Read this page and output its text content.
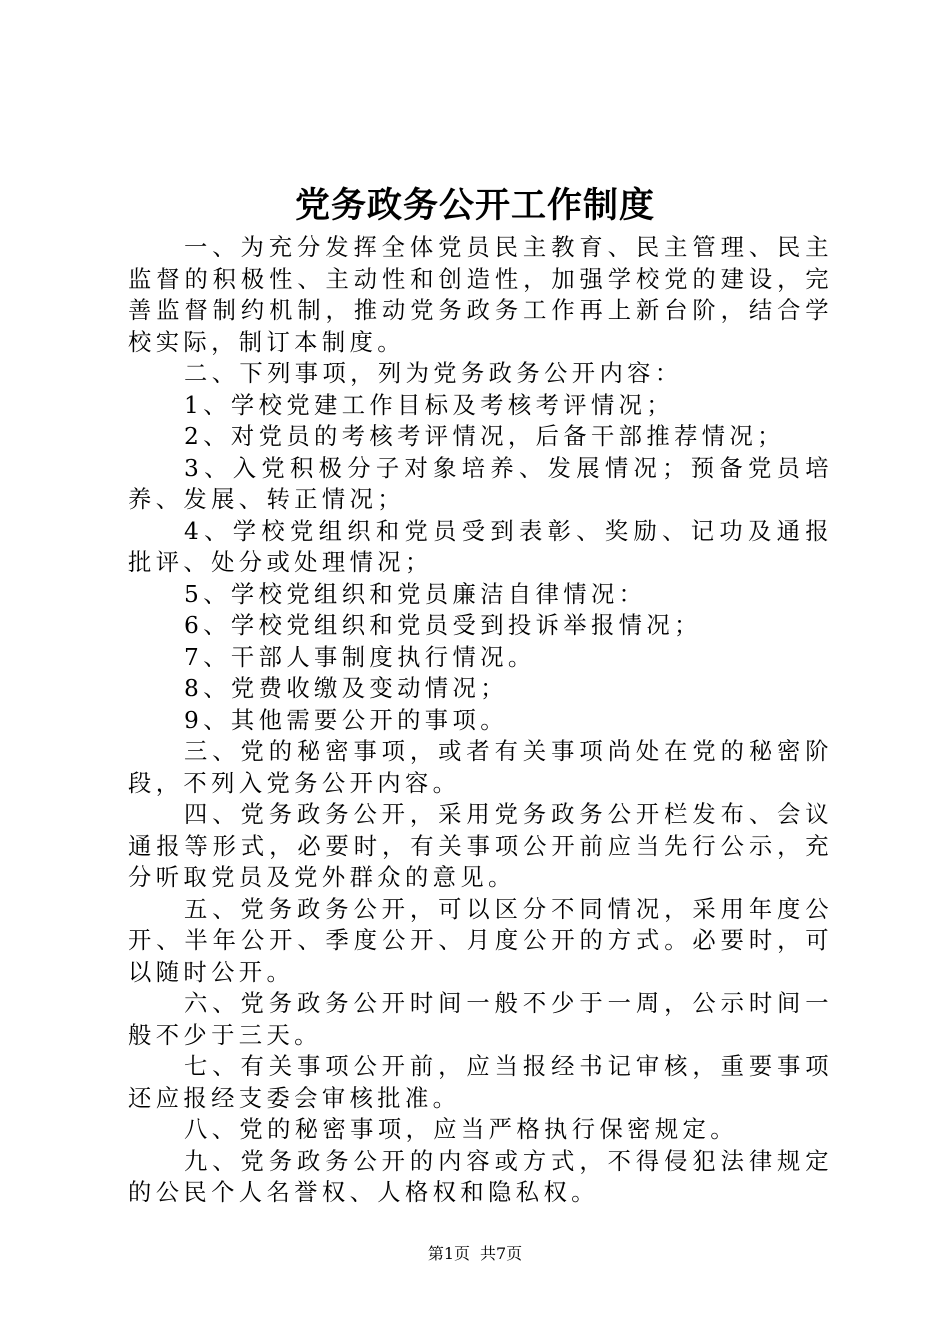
党务政务公开工作制度

一、为充分发挥全体党员民主教育、民主管理、民主监督的积极性、主动性和创造性，加强学校党的建设，完善监督制约机制，推动党务政务工作再上新台阶，结合学校实际，制订本制度。

二、下列事项，列为党务政务公开内容：

1、学校党建工作目标及考核考评情况；

2、对党员的考核考评情况，后备干部推荐情况；

3、入党积极分子对象培养、发展情况；预备党员培养、发展、转正情况；

4、学校党组织和党员受到表彰、奖励、记功及通报批评、处分或处理情况；

5、学校党组织和党员廉洁自律情况：

6、学校党组织和党员受到投诉举报情况；

7、干部人事制度执行情况。

8、党费收缴及变动情况；

9、其他需要公开的事项。

三、党的秘密事项，或者有关事项尚处在党的秘密阶段，不列入党务公开内容。

四、党务政务公开，采用党务政务公开栏发布、会议通报等形式，必要时，有关事项公开前应当先行公示，充分听取党员及党外群众的意见。

五、党务政务公开，可以区分不同情况，采用年度公开、半年公开、季度公开、月度公开的方式。必要时，可以随时公开。

六、党务政务公开时间一般不少于一周，公示时间一般不少于三天。

七、有关事项公开前，应当报经书记审核，重要事项还应报经支委会审核批准。

八、党的秘密事项，应当严格执行保密规定。

九、党务政务公开的内容或方式，不得侵犯法律规定的公民个人名誉权、人格权和隐私权。

第1页 共7页
